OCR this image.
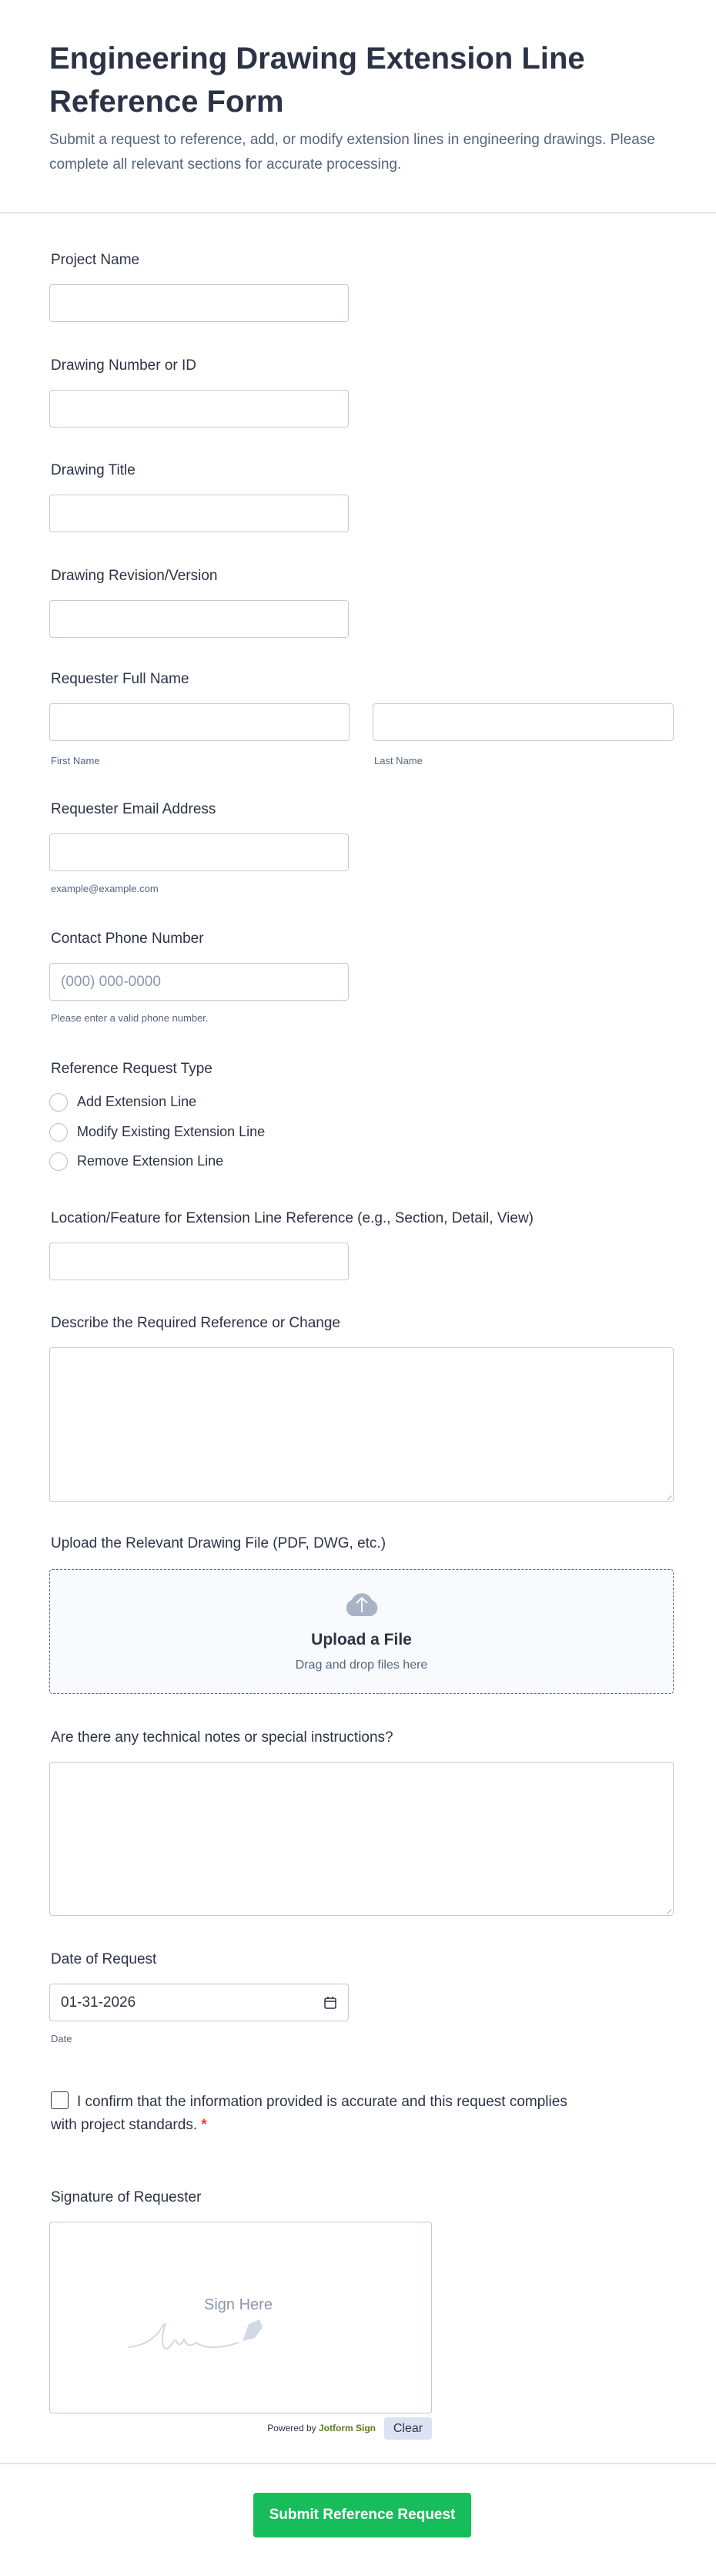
Engineering Drawing Extension Line Reference Form

Submit a request to reference, add, or modify extension lines in engineering drawings. Please complete all relevant sections for accurate processing.

Project Name
Drawing Number or ID
Drawing Title
Drawing Revision/Version
Requester Full Name
First Name	Last Name
Requester Email Address
example@example.com
Contact Phone Number
(000) 000-0000
Please enter a valid phone number.
Reference Request Type
Add Extension Line
Modify Existing Extension Line
Remove Extension Line
Location/Feature for Extension Line Reference (e.g., Section, Detail, View)
Describe the Required Reference or Change
Upload the Relevant Drawing File (PDF, DWG, etc.)
Upload a File
Drag and drop files here
Are there any technical notes or special instructions?
Date of Request
01-31-2026
Date
I confirm that the information provided is accurate and this request complies with project standards. *
Signature of Requester
Sign Here
Powered by Jotform Sign	Clear
Submit Reference Request
